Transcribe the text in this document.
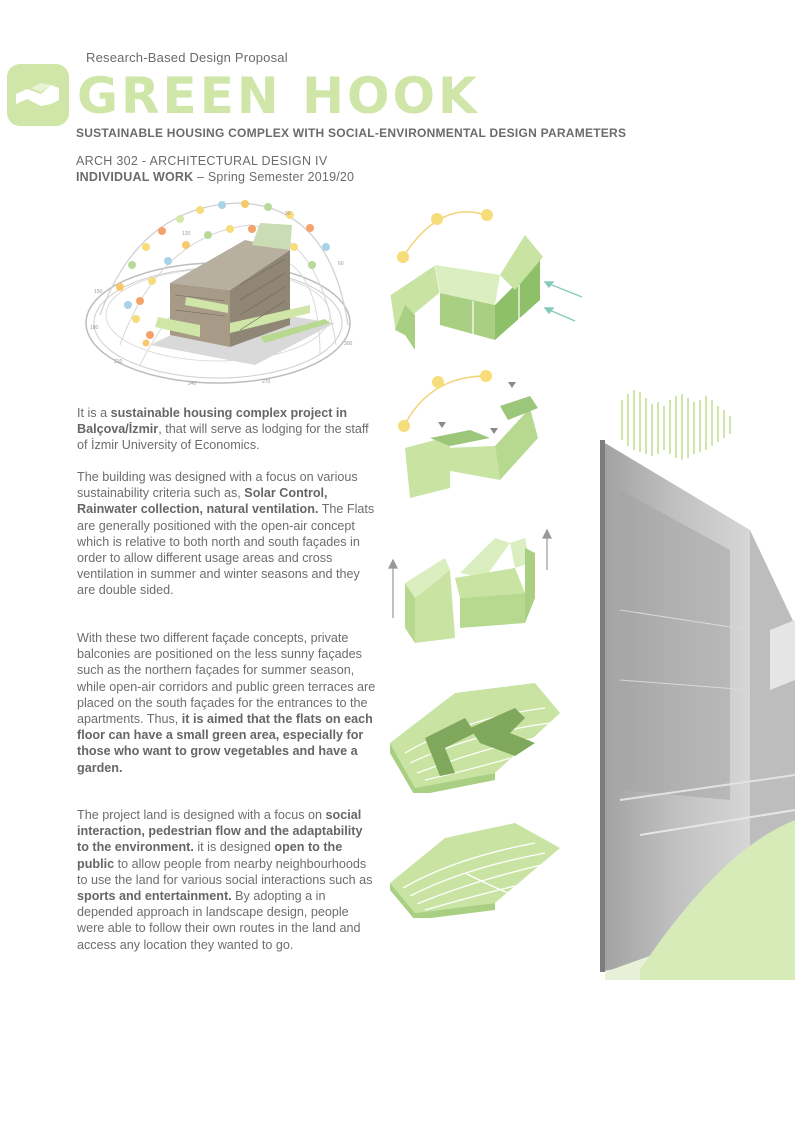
Research-Based Design Proposal
GREEN HOOK
SUSTAINABLE HOUSING COMPLEX WITH SOCIAL-ENVIRONMENTAL DESIGN PARAMETERS
ARCH 302 - ARCHITECTURAL DESIGN IV
INDIVIDUAL WORK – Spring Semester 2019/20
120
90
60
150
180
210
240	270
300
It is a sustainable housing complex project in Balçova/İzmir, that will serve as lodging for the staff of İzmir University of Economics.
The building was designed with a focus on various sustainability criteria such as, Solar Control, Rainwater collection, natural ventilation. The Flats are generally positioned with the open-air concept which is relative to both north and south façades in order to allow different usage areas and cross ventilation in summer and winter seasons and they are double sided.
With these two different façade concepts, private balconies are positioned on the less sunny façades such as the northern façades for summer season, while open-air corridors and public green terraces are placed on the south façades for the entrances to the apartments. Thus, it is aimed that the flats on each floor can have a small green area, especially for those who want to grow vegetables and have a garden.
The project land is designed with a focus on social interaction, pedestrian flow and the adaptability to the environment. it is designed open to the public to allow people from nearby neighbourhoods to use the land for various social interactions such as sports and entertainment. By adopting a in depended approach in landscape design, people were able to follow their own routes in the land and access any location they wanted to go.
